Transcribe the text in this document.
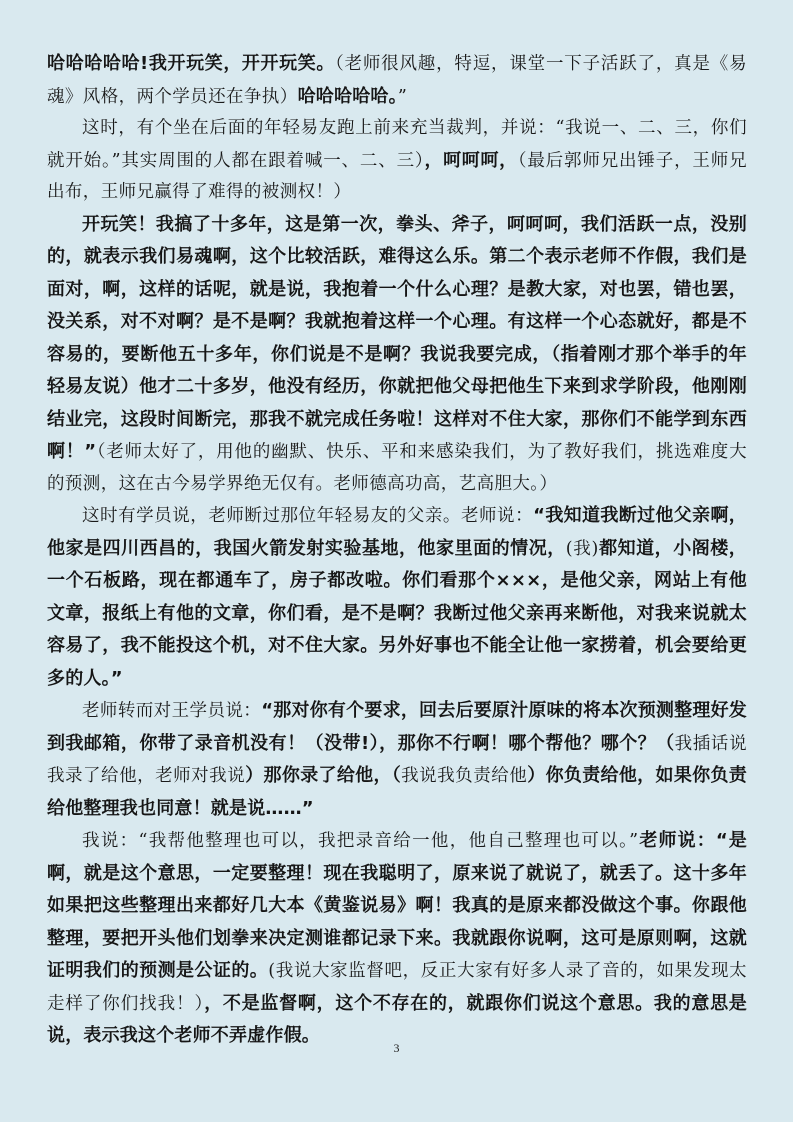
哈哈哈哈哈!我开玩笑，开开玩笑。（老师很风趣，特逗，课堂一下子活跃了，真是《易魂》风格，两个学员还在争执）哈哈哈哈哈。”

这时，有个坐在后面的年轻易友跑上前来充当裁判，并说：“我说一、二、三，你们就开始。”其实周围的人都在跟着喊一、二、三），呵呵呵，（最后郭师兄出锤子，王师兄出布，王师兄赢得了难得的被测权！）

开玩笑！我搞了十多年，这是第一次，拳头、斧子，呵呵呵，我们活跃一点，没别的，就表示我们易魂啊，这个比较活跃，难得这么乐。第二个表示老师不作假，我们是面对，啊，这样的话呢，就是说，我抱着一个什么心理？是教大家，对也罢，错也罢，没关系，对不对啊？是不是啊？我就抱着这样一个心理。有这样一个心态就好，都是不容易的，要断他五十多年，你们说是不是啊？我说我要完成，（指着刚才那个举手的年轻易友说）他才二十多岁，他没有经历，你就把他父母把他生下来到求学阶段，他刚刚结业完，这段时间断完，那我不就完成任务啦！这样对不住大家，那你们不能学到东西啊！”（老师太好了，用他的幽默、快乐、平和来感染我们，为了教好我们，挑选难度大的预测，这在古今易学界绝无仅有。老师德高功高，艺高胆大。）

这时有学员说，老师断过那位年轻易友的父亲。老师说：“我知道我断过他父亲啊，他家是四川西昌的，我国火箭发射实验基地，他家里面的情况，(我)都知道，小阁楼，一个石板路，现在都通车了，房子都改啦。你们看那个×××，是他父亲，网站上有他文章，报纸上有他的文章，你们看，是不是啊？我断过他父亲再来断他，对我来说就太容易了，我不能投这个机，对不住大家。另外好事也不能全让他一家捞着，机会要给更多的人。”

老师转而对王学员说：“那对你有个要求，回去后要原汁原味的将本次预测整理好发到我邮箱，你带了录音机没有！（没带!），那你不行啊！哪个帮他？哪个？（我插话说我录了给他，老师对我说）那你录了给他，（我说我负责给他）你负责给他，如果你负责给他整理我也同意！就是说……”

我说：“我帮他整理也可以，我把录音给一他，他自己整理也可以。”老师说：“是啊，就是这个意思，一定要整理！现在我聪明了，原来说了就说了，就丢了。这十多年如果把这些整理出来都好几大本《黄鉴说易》啊！我真的是原来都没做这个事。你跟他整理，要把开头他们划拳来决定测谁都记录下来。我就跟你说啊，这可是原则啊，这就证明我们的预测是公证的。(我说大家监督吧，反正大家有好多人录了音的，如果发现太走样了你们找我！），不是监督啊，这个不存在的，就跟你们说这个意思。我的意思是说，表示我这个老师不弄虚作假。

3
